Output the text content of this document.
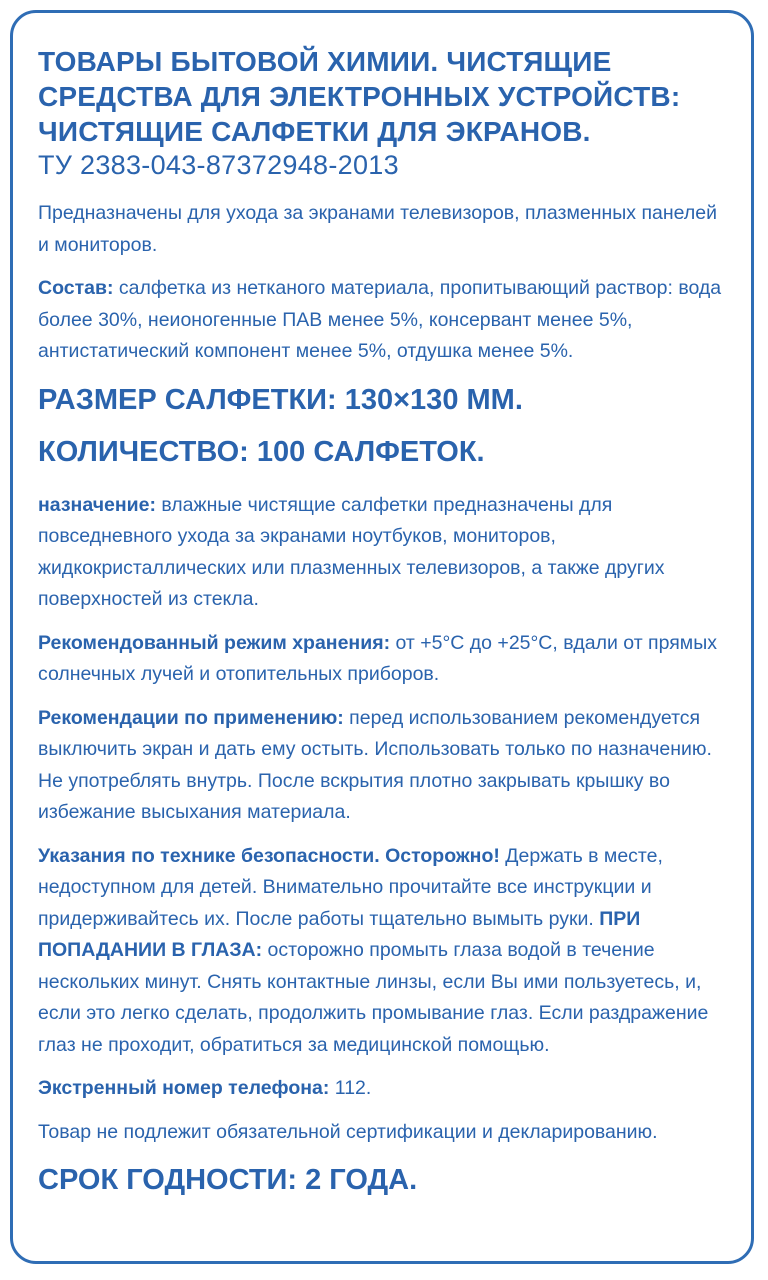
ТОВАРЫ БЫТОВОЙ ХИМИИ. ЧИСТЯЩИЕ
СРЕДСТВА ДЛЯ ЭЛЕКТРОННЫХ УСТРОЙСТВ:
ЧИСТЯЩИЕ САЛФЕТКИ ДЛЯ ЭКРАНОВ.
ТУ 2383-043-87372948-2013

Предназначены для ухода за экранами телевизоров, плазменных панелей и мониторов.

Состав: салфетка из нетканого материала, пропитывающий раствор: вода более 30%, неионогенные ПАВ менее 5%, консервант менее 5%, антистатический компонент менее 5%, отдушка менее 5%.

РАЗМЕР САЛФЕТКИ: 130×130 ММ.
КОЛИЧЕСТВО: 100 САЛФЕТОК.

назначение: влажные чистящие салфетки предназначены для повседневного ухода за экранами ноутбуков, мониторов, жидкокристаллических или плазменных телевизоров, а также других поверхностей из стекла.

Рекомендованный режим хранения: от +5°С до +25°С, вдали от прямых солнечных лучей и отопительных приборов.

Рекомендации по применению: перед использованием рекомендуется выключить экран и дать ему остыть. Использовать только по назначению. Не употреблять внутрь. После вскрытия плотно закрывать крышку во избежание высыхания материала.

Указания по технике безопасности. Осторожно! Держать в месте, недоступном для детей. Внимательно прочитайте все инструкции и придерживайтесь их. После работы тщательно вымыть руки. ПРИ ПОПАДАНИИ В ГЛАЗА: осторожно промыть глаза водой в течение нескольких минут. Снять контактные линзы, если Вы ими пользуетесь, и, если это легко сделать, продолжить промывание глаз. Если раздражение глаз не проходит, обратиться за медицинской помощью.

Экстренный номер телефона: 112.

Товар не подлежит обязательной сертификации и декларированию.

СРОК ГОДНОСТИ: 2 ГОДА.
